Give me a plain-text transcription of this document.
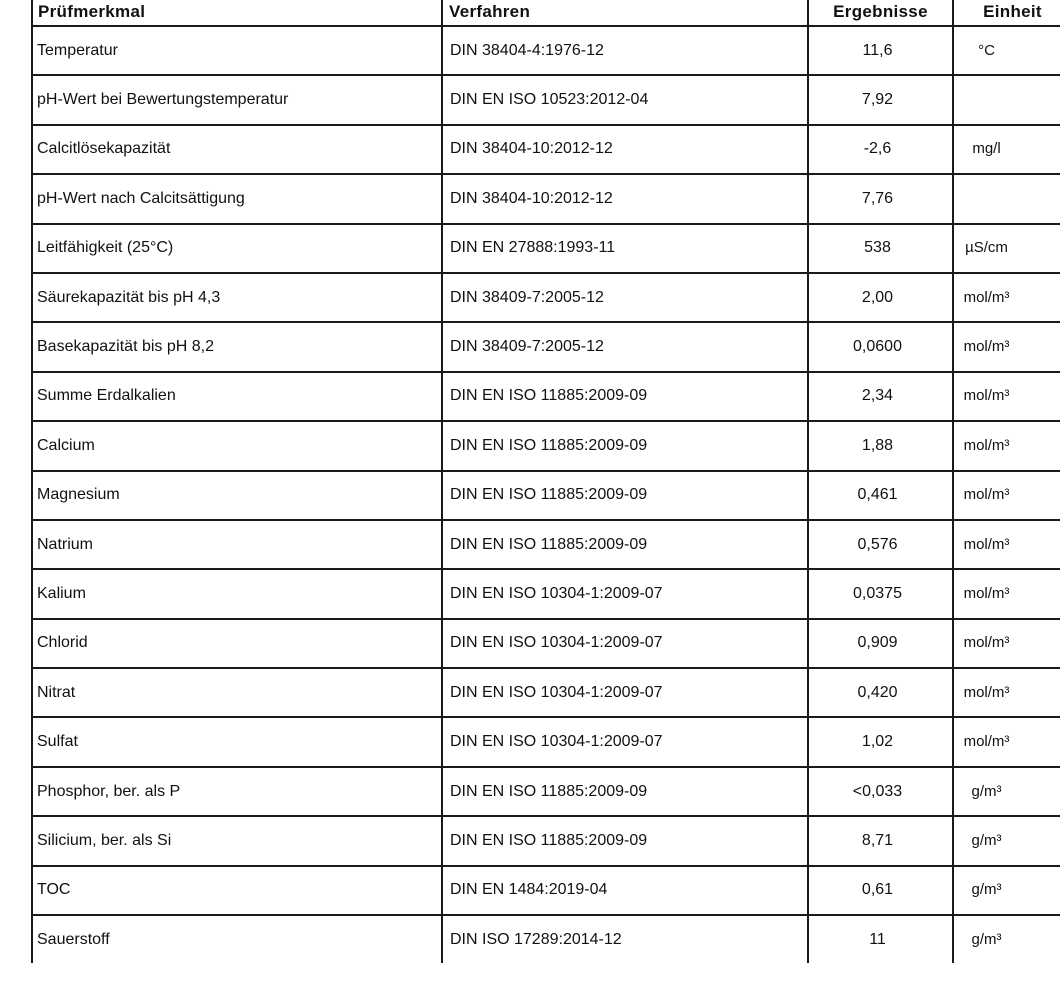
Prüfmerkmal	Verfahren	Ergebnisse	Einheit
Temperatur	DIN 38404-4:1976-12	11,6	°C
pH-Wert bei Bewertungstemperatur	DIN EN ISO 10523:2012-04	7,92	
Calcitlösekapazität	DIN 38404-10:2012-12	-2,6	mg/l
pH-Wert nach Calcitsättigung	DIN 38404-10:2012-12	7,76	
Leitfähigkeit (25°C)	DIN EN 27888:1993-11	538	µS/cm
Säurekapazität bis pH 4,3	DIN 38409-7:2005-12	2,00	mol/m³
Basekapazität bis pH 8,2	DIN 38409-7:2005-12	0,0600	mol/m³
Summe Erdalkalien	DIN EN ISO 11885:2009-09	2,34	mol/m³
Calcium	DIN EN ISO 11885:2009-09	1,88	mol/m³
Magnesium	DIN EN ISO 11885:2009-09	0,461	mol/m³
Natrium	DIN EN ISO 11885:2009-09	0,576	mol/m³
Kalium	DIN EN ISO 10304-1:2009-07	0,0375	mol/m³
Chlorid	DIN EN ISO 10304-1:2009-07	0,909	mol/m³
Nitrat	DIN EN ISO 10304-1:2009-07	0,420	mol/m³
Sulfat	DIN EN ISO 10304-1:2009-07	1,02	mol/m³
Phosphor, ber. als P	DIN EN ISO 11885:2009-09	<0,033	g/m³
Silicium, ber. als Si	DIN EN ISO 11885:2009-09	8,71	g/m³
TOC	DIN EN 1484:2019-04	0,61	g/m³
Sauerstoff	DIN ISO 17289:2014-12	11	g/m³
